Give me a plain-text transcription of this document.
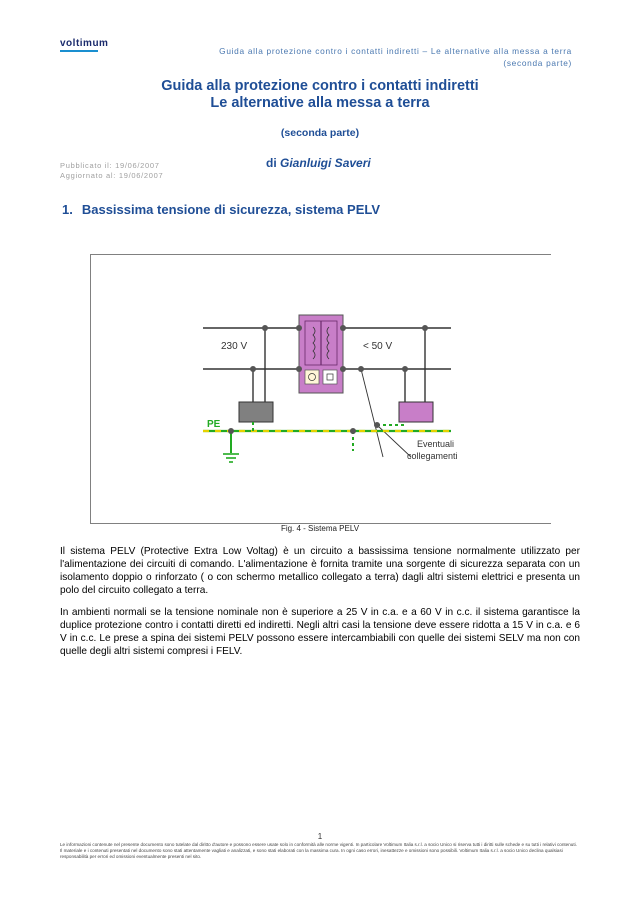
voltimum
Guida alla protezione contro i contatti indiretti – Le alternative alla messa a terra
(seconda parte)
Guida alla protezione contro i contatti indiretti
Le alternative alla messa a terra
(seconda parte)
Pubblicato il: 19/06/2007
Aggiornato al: 19/06/2007
di Gianluigi Saveri
1. Bassissima tensione di sicurezza, sistema PELV
230 V	< 50 V
PE
Eventuali
collegamenti
Fig. 4 - Sistema PELV
Il sistema PELV (Protective Extra Low Voltag) è un circuito a bassissima tensione normalmente utilizzato per l'alimentazione dei circuiti di comando. L'alimentazione è fornita tramite una sorgente di sicurezza separata con un isolamento doppio o rinforzato ( o con schermo metallico collegato a terra) dagli altri sistemi elettrici e presenta un polo del circuito collegato a terra.
In ambienti normali se la tensione nominale non è superiore a 25 V in c.a. e a 60 V in c.c. il sistema garantisce la duplice protezione contro i contatti diretti ed indiretti. Negli altri casi la tensione deve essere ridotta a 15 V in c.a. e 6 V in c.c. Le prese a spina dei sistemi PELV possono essere intercambiabili con quelle dei sistemi SELV ma non con quelle degli altri sistemi compresi i FELV.
1
Le informazioni contenute nel presente documento sono tutelate dal diritto d'autore e possono essere usate solo in conformità alle norme vigenti. In particolare Voltimum Italia s.r.l. a socio Unico si riserva tutti i diritti sulle schede e su tutti i relativi contenuti. Il materiale e i contenuti presentati nel documento sono stati attentamente vagliati e analizzati, e sono stati elaborati con la massima cura. In ogni caso errori, inesattezze e omissioni sono possibili. Voltimum Italia s.r.l. a socio Unico declina qualsiasi responsabilità per errori ed omissioni eventualmente presenti nel sito.
